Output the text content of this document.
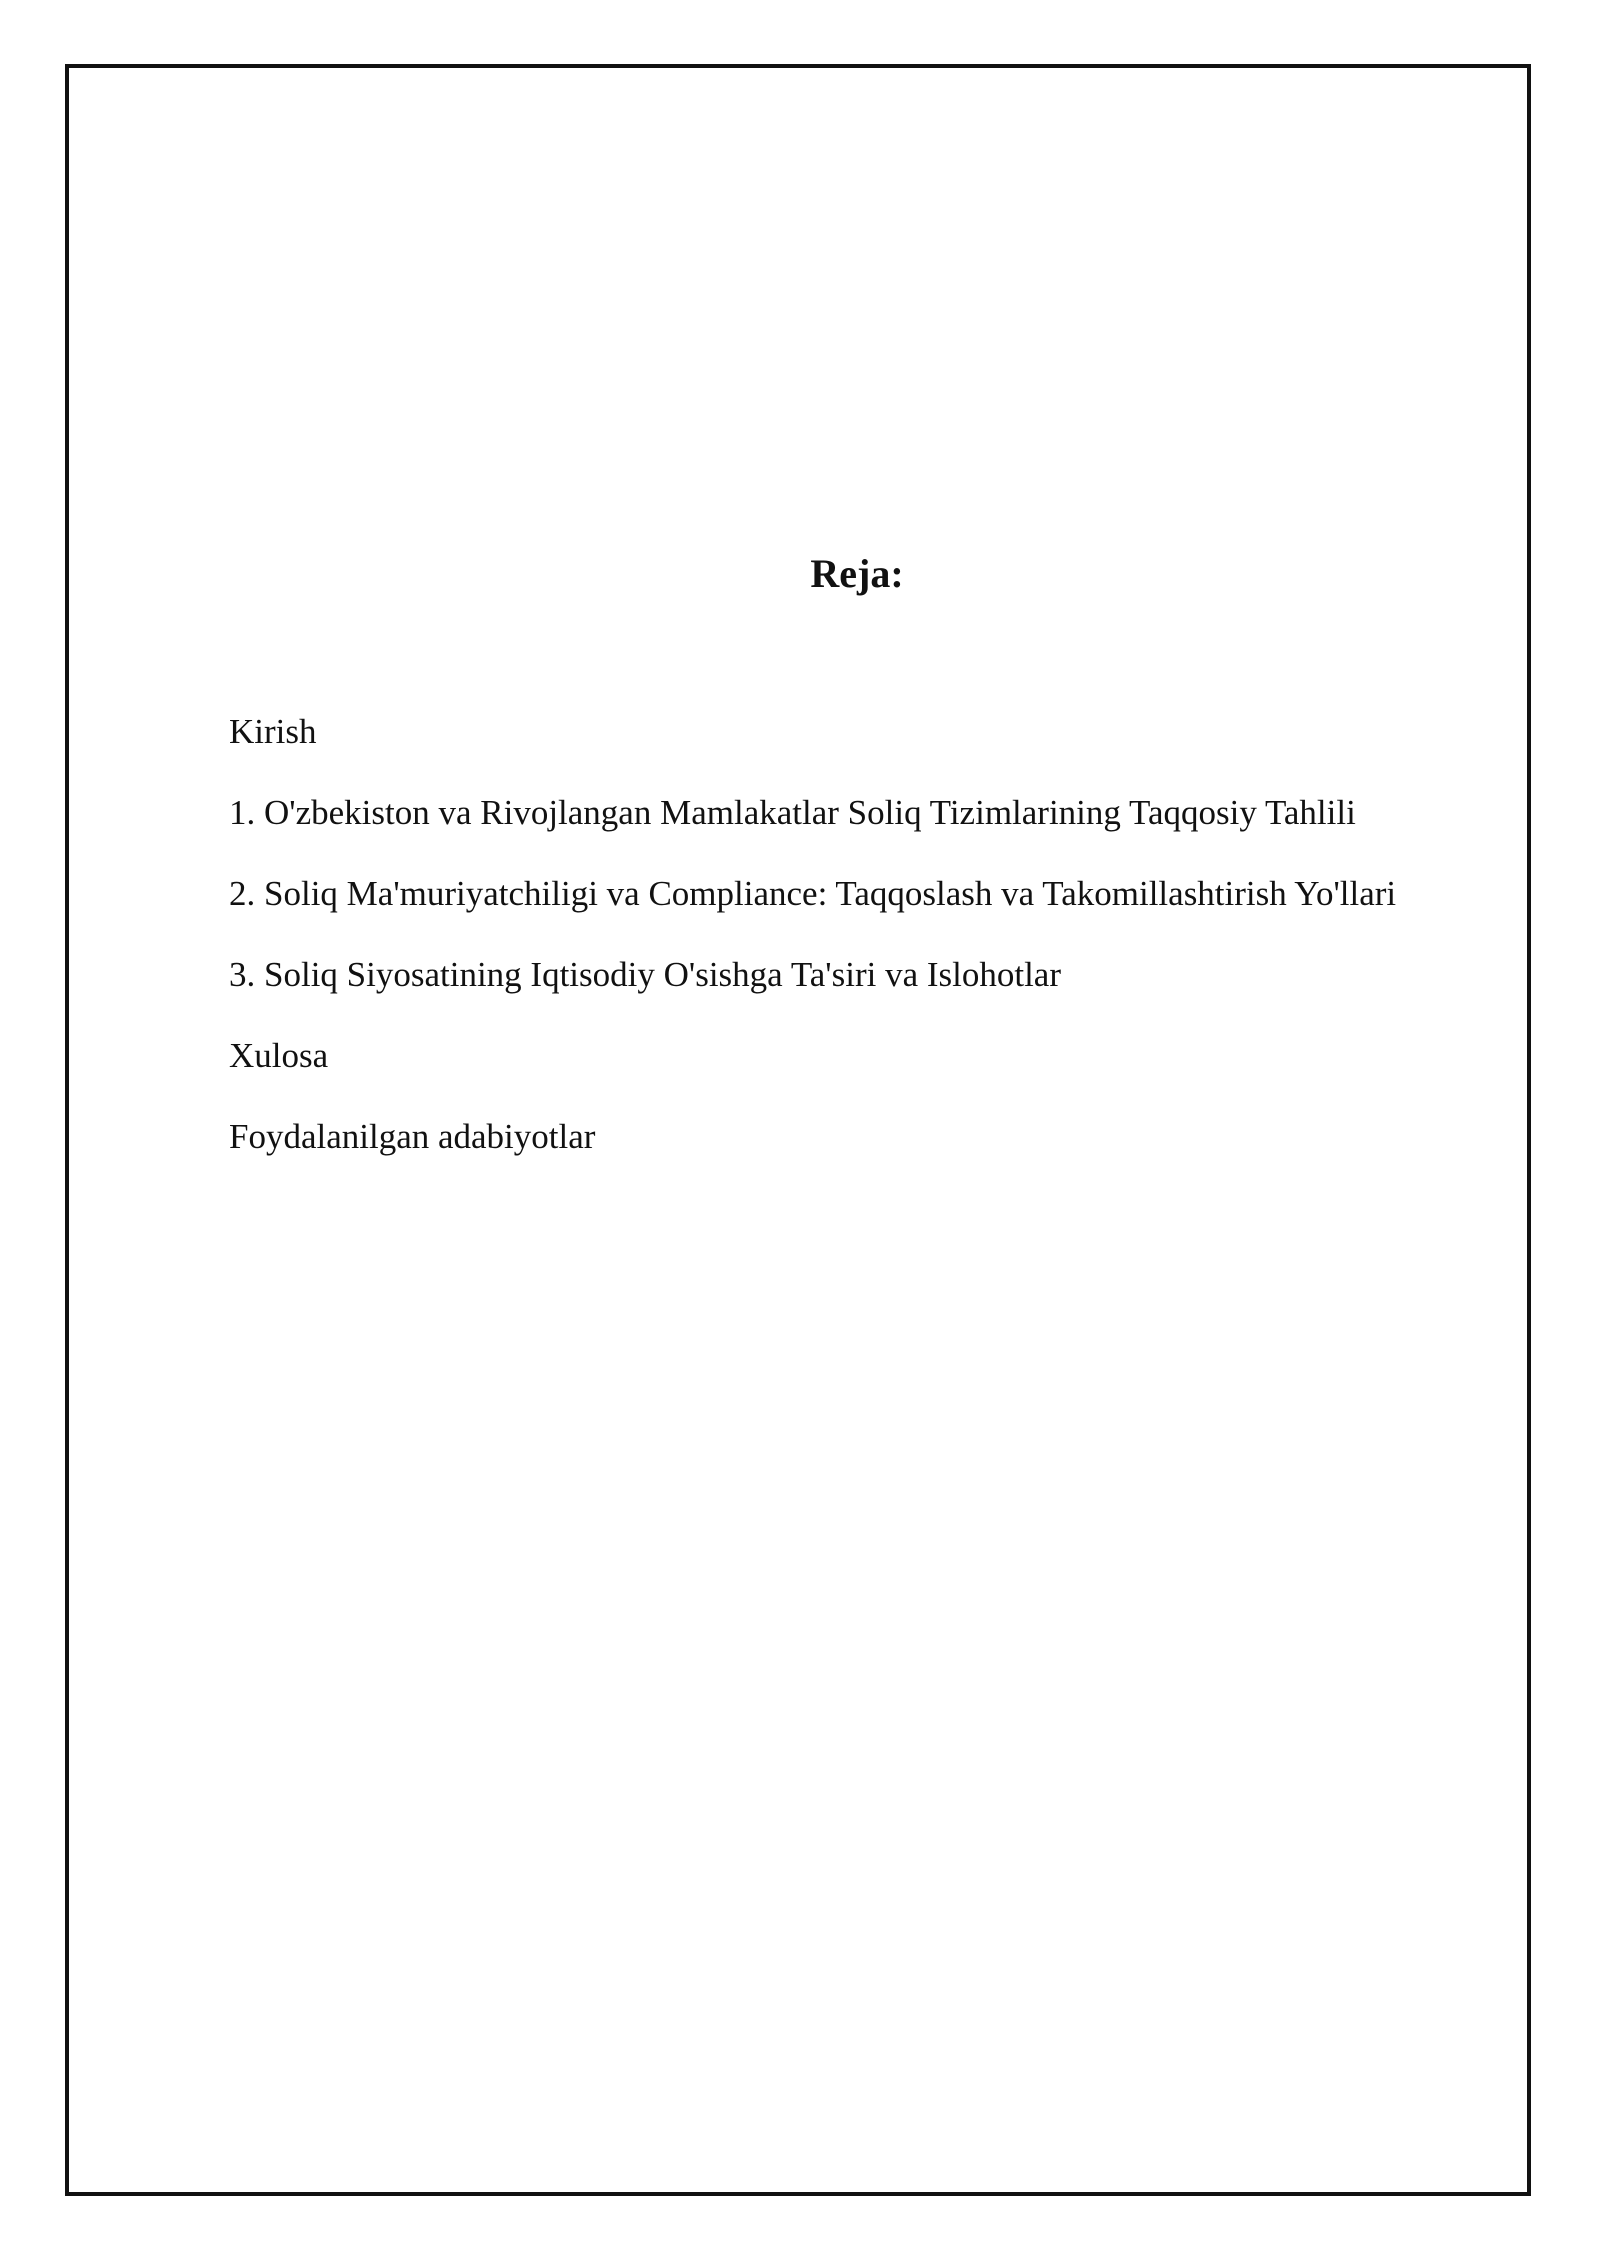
Reja:
Kirish
1. O'zbekiston va Rivojlangan Mamlakatlar Soliq Tizimlarining Taqqosiy Tahlili
2. Soliq Ma'muriyatchiligi va Compliance: Taqqoslash va Takomillashtirish Yo'llari
3. Soliq Siyosatining Iqtisodiy O'sishga Ta'siri va Islohotlar
Xulosa
Foydalanilgan adabiyotlar
